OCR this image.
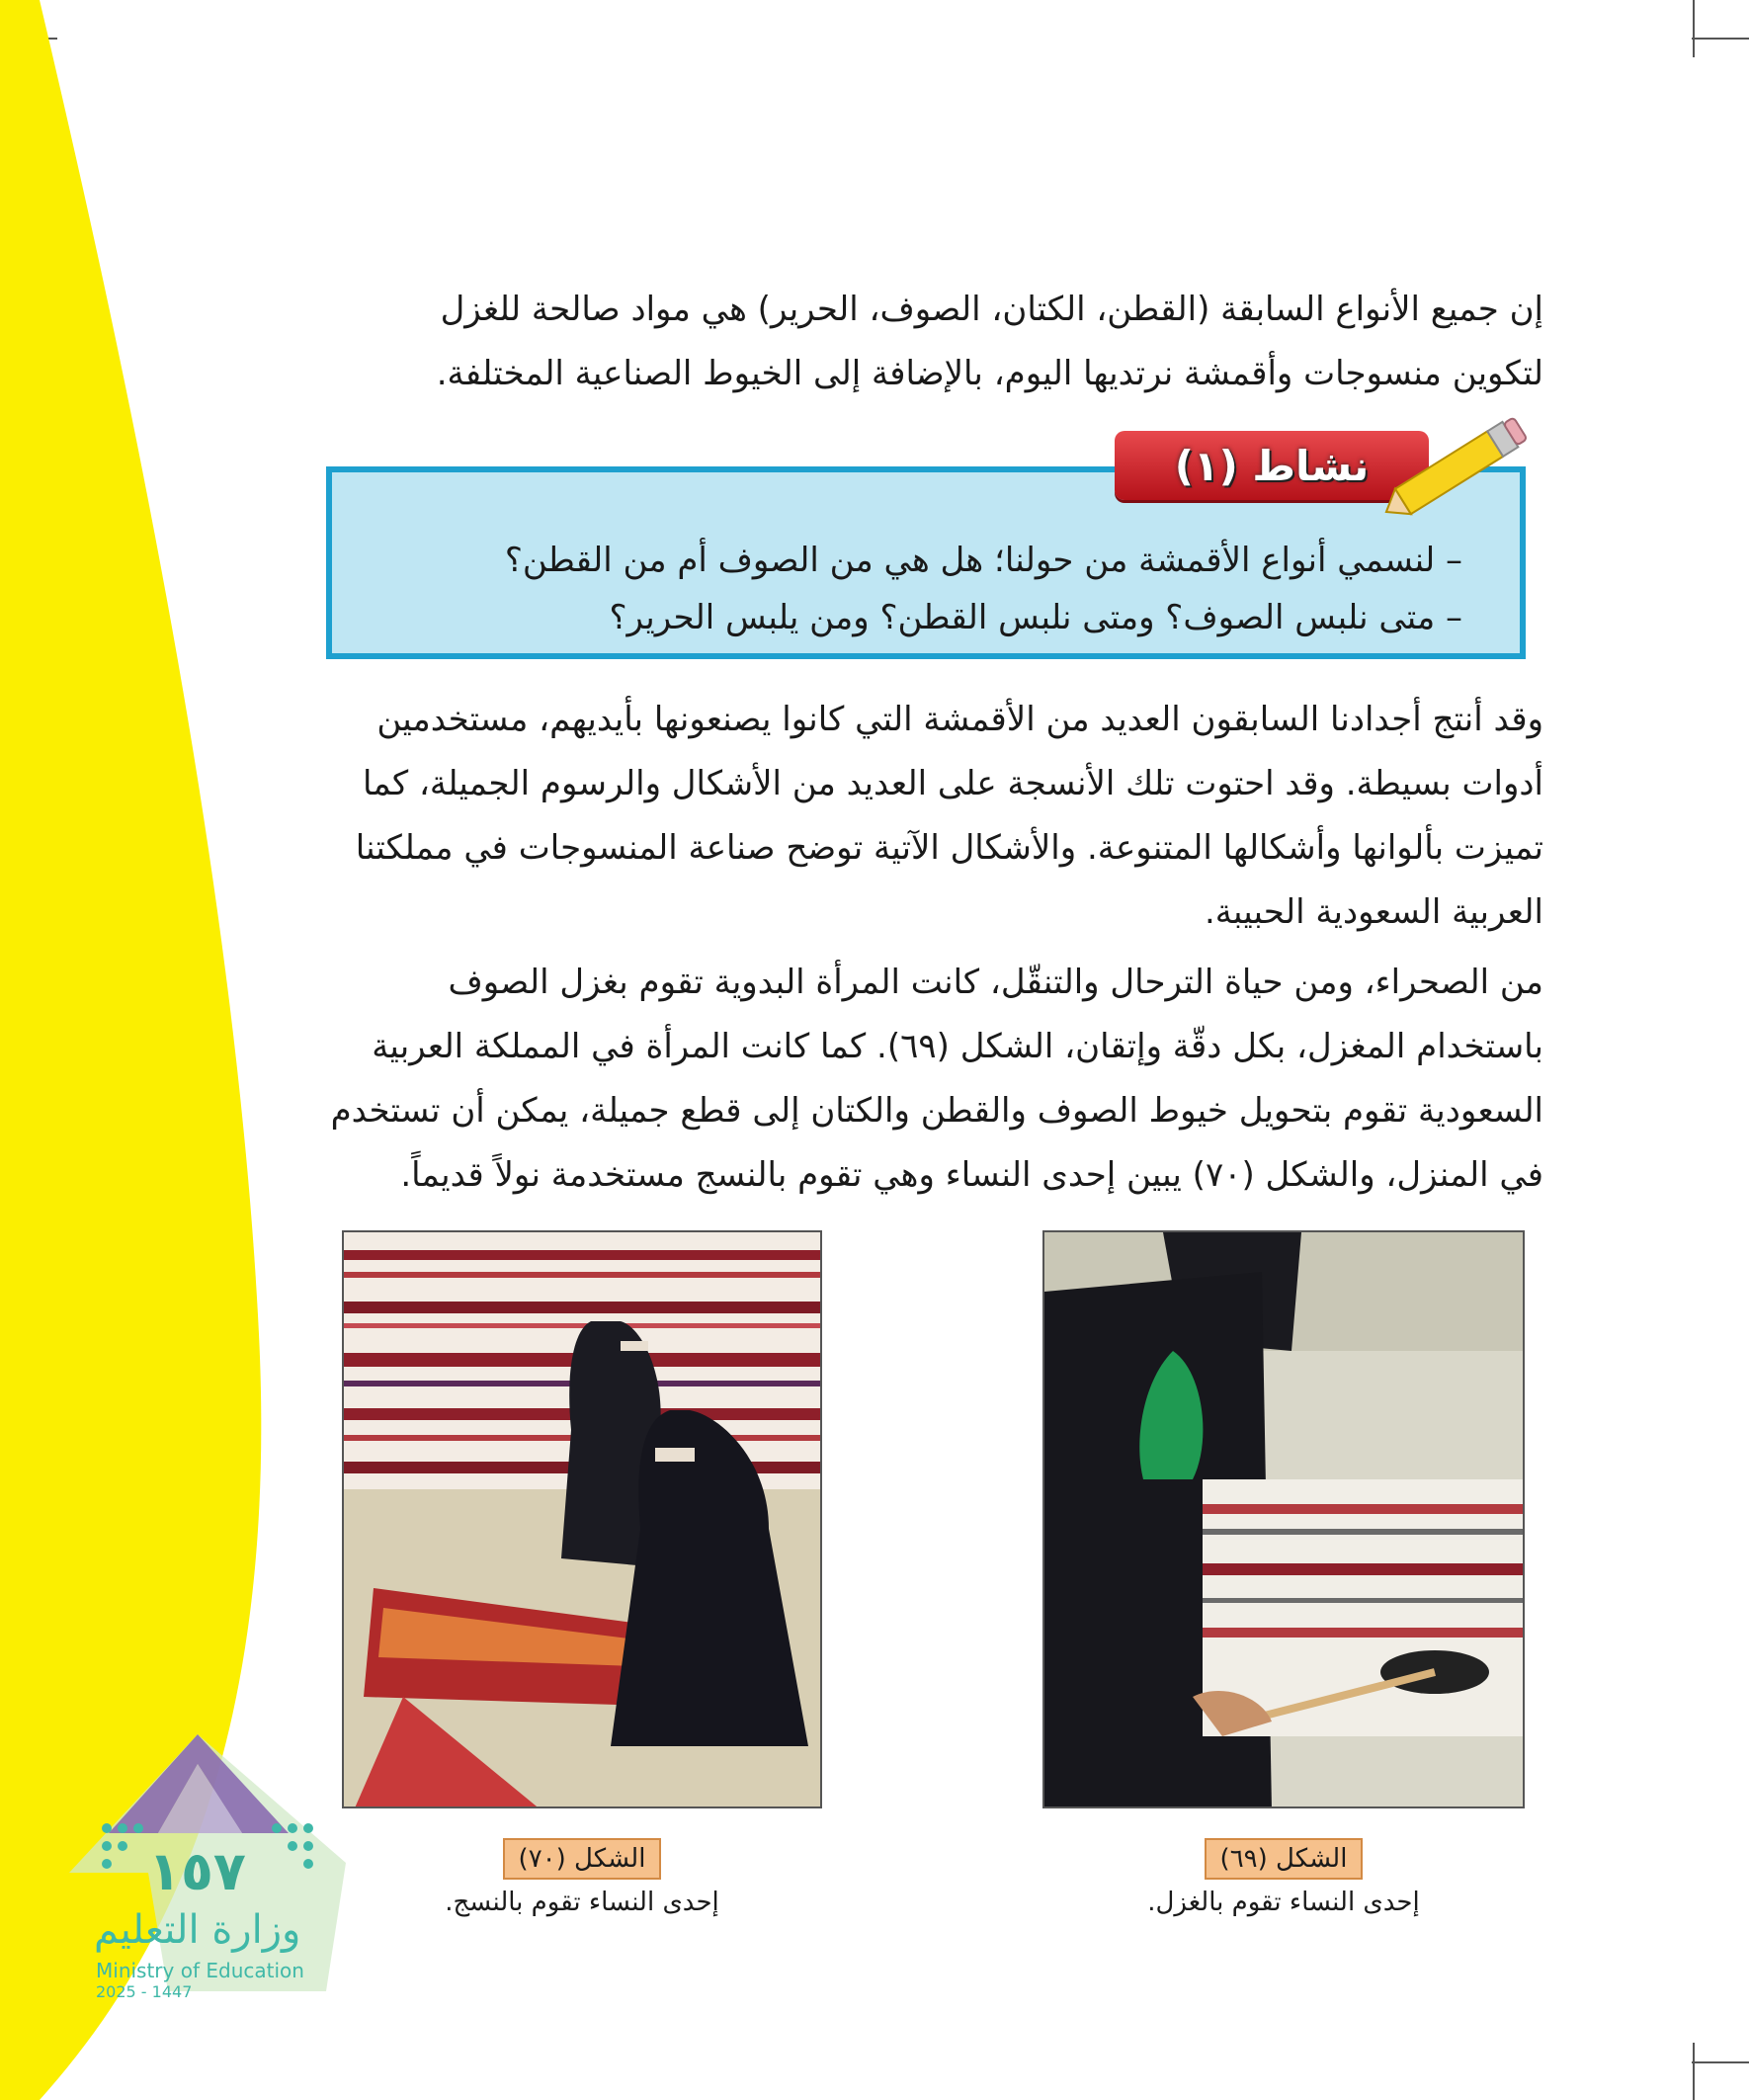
إن جميع الأنواع السابقة (القطن، الكتان، الصوف، الحرير) هي مواد صالحة للغزل
لتكوين منسوجات وأقمشة نرتديها اليوم، بالإضافة إلى الخيوط الصناعية المختلفة.

– لنسمي أنواع الأقمشة من حولنا؛ هل هي من الصوف أم من القطن؟
– متى نلبس الصوف؟ ومتى نلبس القطن؟ ومن يلبس الحرير؟
نشاط (١)

وقد أنتج أجدادنا السابقون العديد من الأقمشة التي كانوا يصنعونها بأيديهم، مستخدمين
أدوات بسيطة. وقد احتوت تلك الأنسجة على العديد من الأشكال والرسوم الجميلة، كما
تميزت بألوانها وأشكالها المتنوعة. والأشكال الآتية توضح صناعة المنسوجات في مملكتنا
العربية السعودية الحبيبة.

من الصحراء، ومن حياة الترحال والتنقّل، كانت المرأة البدوية تقوم بغزل الصوف
باستخدام المغزل، بكل دقّة وإتقان، الشكل (٦٩). كما كانت المرأة في المملكة العربية
السعودية تقوم بتحويل خيوط الصوف والقطن والكتان إلى قطع جميلة، يمكن أن تستخدم
في المنزل، والشكل (٧٠) يبين إحدى النساء وهي تقوم بالنسج مستخدمة نولاً قديماً.

الشكل (٧٠)
إحدى النساء تقوم بالنسج.
الشكل (٦٩)
إحدى النساء تقوم بالغزل.
١٥٧
وزارة التعليم
Ministry of Education
2025 - 1447
